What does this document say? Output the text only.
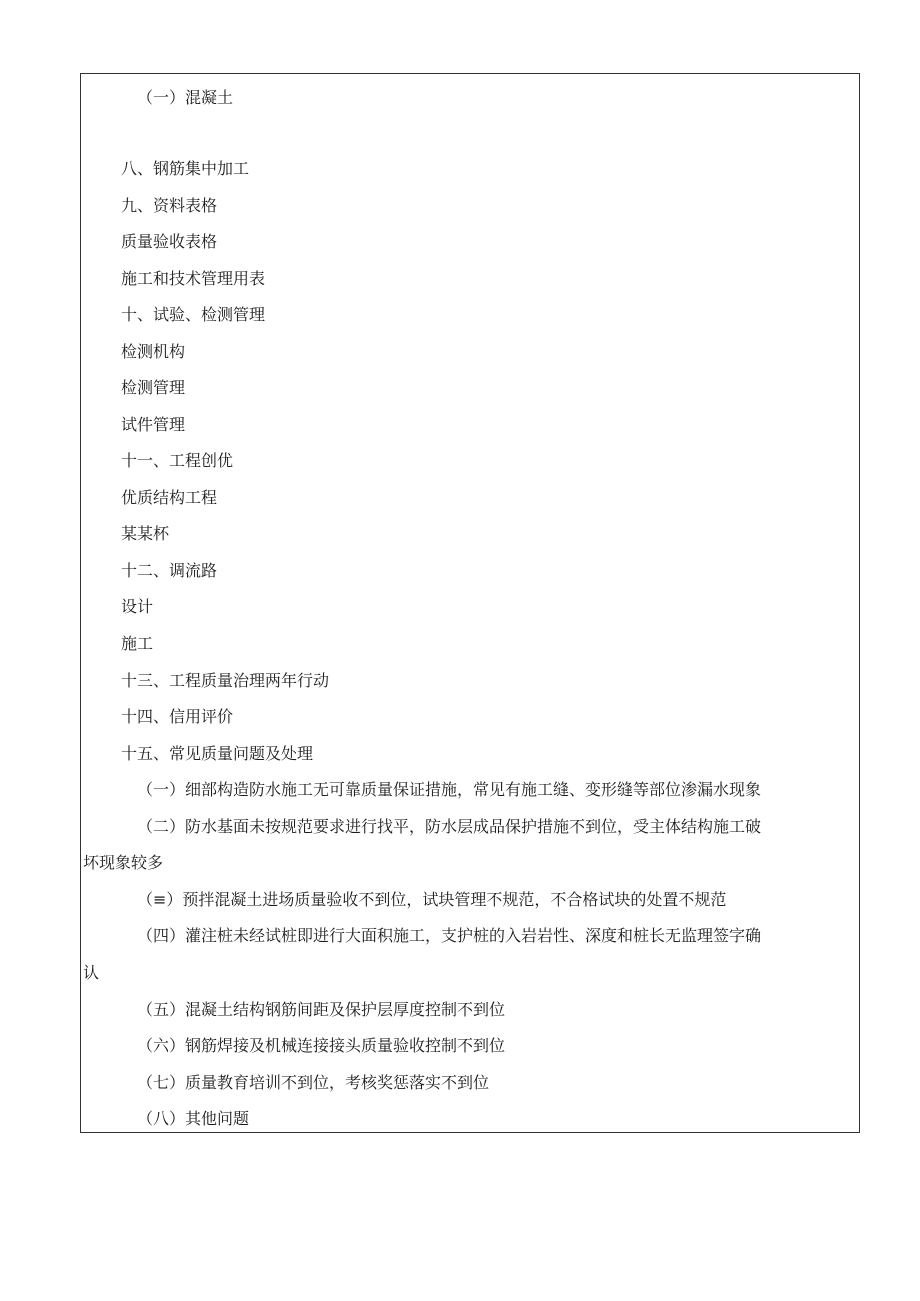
（一）混凝土
八、钢筋集中加工
九、资料表格
质量验收表格
施工和技术管理用表
十、试验、检测管理
检测机构
检测管理
试件管理
十一、工程创优
优质结构工程
某某杯
十二、调流路
设计
施工
十三、工程质量治理两年行动
十四、信用评价
十五、常见质量问题及处理
（一）细部构造防水施工无可靠质量保证措施，常见有施工缝、变形缝等部位渗漏水现象
（二）防水基面未按规范要求进行找平，防水层成品保护措施不到位，受主体结构施工破
坏现象较多
（≡）预拌混凝土进场质量验收不到位，试块管理不规范，不合格试块的处置不规范
（四）灌注桩未经试桩即进行大面积施工，支护桩的入岩岩性、深度和桩长无监理签字确
认
（五）混凝土结构钢筋间距及保护层厚度控制不到位
（六）钢筋焊接及机械连接接头质量验收控制不到位
（七）质量教育培训不到位，考核奖惩落实不到位
（八）其他问题
